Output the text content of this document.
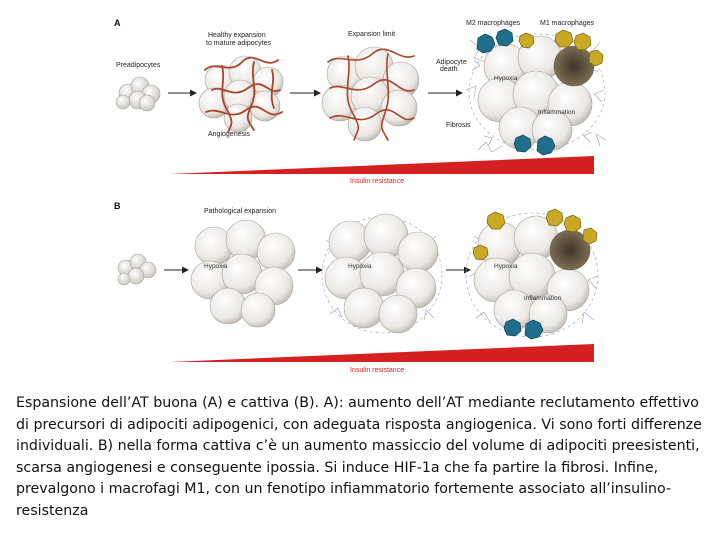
A
Preadipocytes
Healthy expansion
to mature adipocytes
Angiogenesis
Expansion limit
Adipocyte
death
Fibrosis
M2 macrophages	M1 macrophages
Hypoxia
Inflammation
Insulin resistance
B
Pathological expansion
Hypoxia	Hypoxia	Hypoxia
Inflammation
Insulin resistance
Espansione dell’AT buona (A) e cattiva (B). A): aumento dell’AT mediante reclutamento effettivo di precursori di adipociti adipogenici, con adeguata risposta angiogenica. Vi sono forti differenze individuali. B) nella forma cattiva c’è un aumento massiccio del volume di adipociti preesistenti, scarsa angiogenesi e conseguente ipossia. Si induce HIF-1a che fa partire la fibrosi. Infine, prevalgono i macrofagi M1, con un fenotipo infiammatorio fortemente associato all’insulino-resistenza
